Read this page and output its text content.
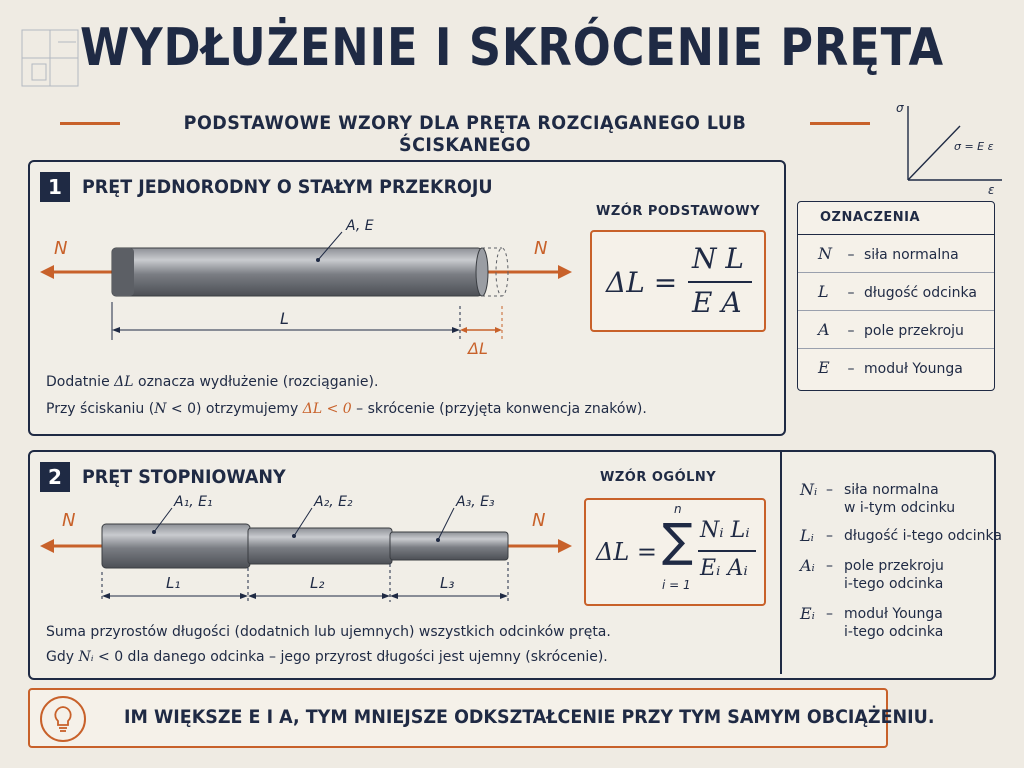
WYDŁUŻENIE I SKRÓCENIE PRĘTA
PODSTAWOWE WZORY DLA PRĘTA ROZCIĄGANEGO LUB ŚCISKANEGO
σ
ε
σ = E ε
1	PRĘT JEDNORODNY O STAŁYM PRZEKROJU
WZÓR PODSTAWOWY
N	N
A, E
L
ΔL
ΔL =
N L
E A
OZNACZENIA
N – siła normalna
L – długość odcinka
A – pole przekroju
E – moduł Younga
Dodatnie ΔL oznacza wydłużenie (rozciąganie).
Przy ściskaniu (N < 0) otrzymujemy ΔL < 0 – skrócenie (przyjęta konwencja znaków).
2	PRĘT STOPNIOWANY	WZÓR OGÓLNY
N	N
A₁, E₁	A₂, E₂	A₃, E₃
L₁	L₂	L₃
ΔL =
n
∑
i = 1
Nᵢ Lᵢ
Eᵢ Aᵢ
Nᵢ – siła normalna
w i-tym odcinku
Lᵢ – długość i-tego odcinka
Aᵢ – pole przekroju
i-tego odcinka
Eᵢ – moduł Younga
i-tego odcinka
Suma przyrostów długości (dodatnich lub ujemnych) wszystkich odcinków pręta.
Gdy Nᵢ < 0 dla danego odcinka – jego przyrost długości jest ujemny (skrócenie).
IM WIĘKSZE E I A, TYM MNIEJSZE ODKSZTAŁCENIE PRZY TYM SAMYM OBCIĄŻENIU.
